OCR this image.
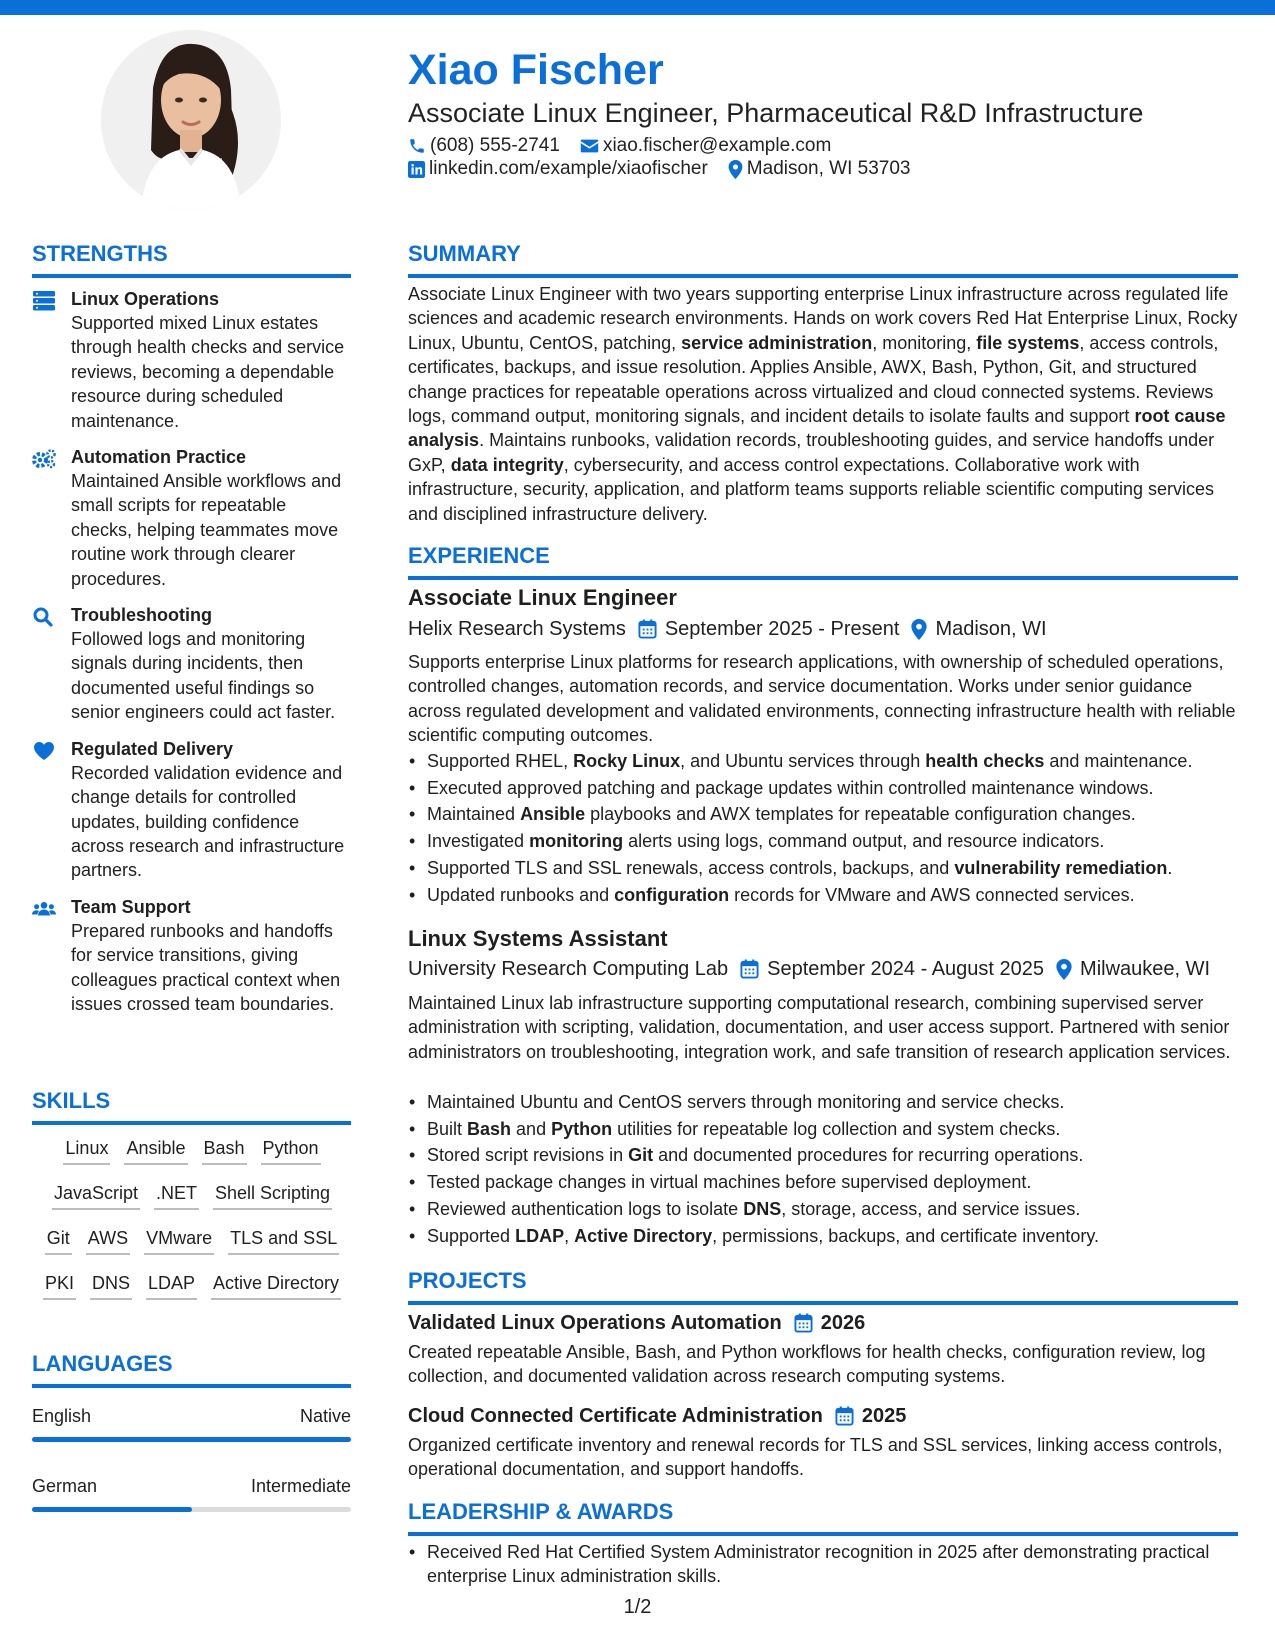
Xiao Fischer
Associate Linux Engineer, Pharmaceutical R&D Infrastructure
(608) 555-2741 xiao.fischer@example.com
linkedin.com/example/xiaofischer Madison, WI 53703
STRENGTHS
Linux Operations
Supported mixed Linux estates through health checks and service reviews, becoming a dependable resource during scheduled maintenance.
Automation Practice
Maintained Ansible workflows and small scripts for repeatable checks, helping teammates move routine work through clearer procedures.
Troubleshooting
Followed logs and monitoring signals during incidents, then documented useful findings so senior engineers could act faster.
Regulated Delivery
Recorded validation evidence and change details for controlled updates, building confidence across research and infrastructure partners.
Team Support
Prepared runbooks and handoffs for service transitions, giving colleagues practical context when issues crossed team boundaries.
SKILLS
Linux Ansible Bash Python
JavaScript .NET Shell Scripting
Git AWS VMware TLS and SSL
PKI DNS LDAP Active Directory
LANGUAGES
English	Native
German	Intermediate
SUMMARY

Associate Linux Engineer with two years supporting enterprise Linux infrastructure across regulated life sciences and academic research environments. Hands on work covers Red Hat Enterprise Linux, Rocky Linux, Ubuntu, CentOS, patching, service administration, monitoring, file systems, access controls, certificates, backups, and issue resolution. Applies Ansible, AWX, Bash, Python, Git, and structured change practices for repeatable operations across virtualized and cloud connected systems. Reviews logs, command output, monitoring signals, and incident details to isolate faults and support root cause analysis. Maintains runbooks, validation records, troubleshooting guides, and service handoffs under GxP, data integrity, cybersecurity, and access control expectations. Collaborative work with infrastructure, security, application, and platform teams supports reliable scientific computing services and disciplined infrastructure delivery.

EXPERIENCE
Associate Linux Engineer
Helix Research Systems September 2025 - Present Madison, WI

Supports enterprise Linux platforms for research applications, with ownership of scheduled operations, controlled changes, automation records, and service documentation. Works under senior guidance across regulated development and validated environments, connecting infrastructure health with reliable scientific computing outcomes.

• Supported RHEL, Rocky Linux, and Ubuntu services through health checks and maintenance.
• Executed approved patching and package updates within controlled maintenance windows.
• Maintained Ansible playbooks and AWX templates for repeatable configuration changes.
• Investigated monitoring alerts using logs, command output, and resource indicators.
• Supported TLS and SSL renewals, access controls, backups, and vulnerability remediation.
• Updated runbooks and configuration records for VMware and AWS connected services.
Linux Systems Assistant
University Research Computing Lab September 2024 - August 2025 Milwaukee, WI

Maintained Linux lab infrastructure supporting computational research, combining supervised server administration with scripting, validation, documentation, and user access support. Partnered with senior administrators on troubleshooting, integration work, and safe transition of research application services.

• Maintained Ubuntu and CentOS servers through monitoring and service checks.
• Built Bash and Python utilities for repeatable log collection and system checks.
• Stored script revisions in Git and documented procedures for recurring operations.
• Tested package changes in virtual machines before supervised deployment.
• Reviewed authentication logs to isolate DNS, storage, access, and service issues.
• Supported LDAP, Active Directory, permissions, backups, and certificate inventory.
PROJECTS
Validated Linux Operations Automation 2026

Created repeatable Ansible, Bash, and Python workflows for health checks, configuration review, log collection, and documented validation across research computing systems.

Cloud Connected Certificate Administration 2025

Organized certificate inventory and renewal records for TLS and SSL services, linking access controls, operational documentation, and support handoffs.

LEADERSHIP & AWARDS
• Received Red Hat Certified System Administrator recognition in 2025 after demonstrating practical enterprise Linux administration skills.
1/2
